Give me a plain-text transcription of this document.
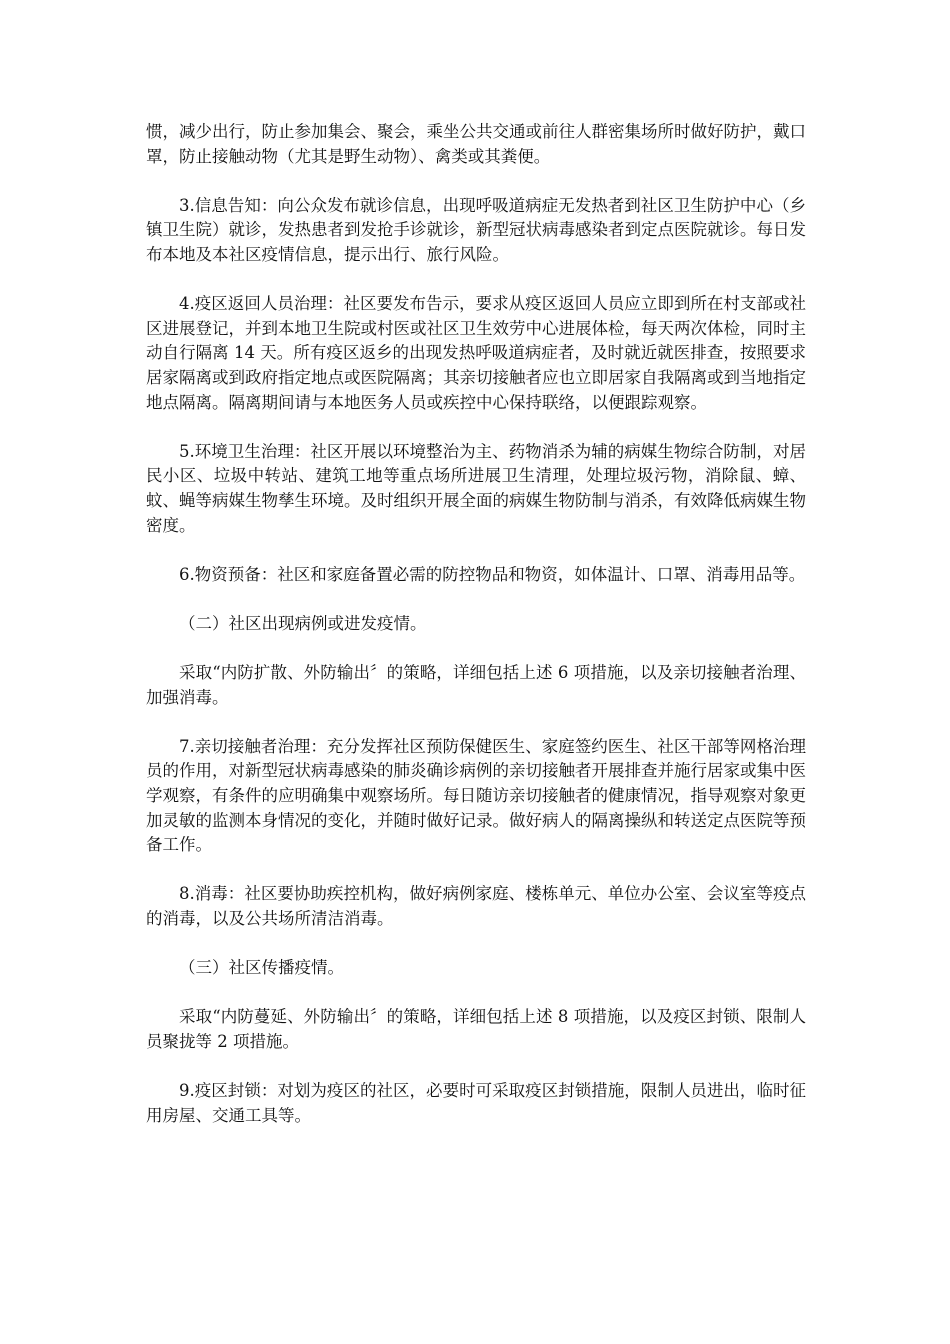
惯，减少出行，防止参加集会、聚会，乘坐公共交通或前往人群密集场所时做好防护，戴口罩，防止接触动物（尤其是野生动物）、禽类或其粪便。

3.信息告知：向公众发布就诊信息，出现呼吸道病症无发热者到社区卫生防护中心（乡镇卫生院）就诊，发热患者到发抢手诊就诊，新型冠状病毒感染者到定点医院就诊。每日发布本地及本社区疫情信息，提示出行、旅行风险。

4.疫区返回人员治理：社区要发布告示，要求从疫区返回人员应立即到所在村支部或社区进展登记，并到本地卫生院或村医或社区卫生效劳中心进展体检，每天两次体检，同时主动自行隔离 14 天。所有疫区返乡的出现发热呼吸道病症者，及时就近就医排查，按照要求居家隔离或到政府指定地点或医院隔离；其亲切接触者应也立即居家自我隔离或到当地指定地点隔离。隔离期间请与本地医务人员或疾控中心保持联络，以便跟踪观察。

5.环境卫生治理：社区开展以环境整治为主、药物消杀为辅的病媒生物综合防制，对居民小区、垃圾中转站、建筑工地等重点场所进展卫生清理，处理垃圾污物，消除鼠、蟑、蚊、蝇等病媒生物孳生环境。及时组织开展全面的病媒生物防制与消杀，有效降低病媒生物密度。

6.物资预备：社区和家庭备置必需的防控物品和物资，如体温计、口罩、消毒用品等。

（二）社区出现病例或进发疫情。

采取“内防扩散、外防输出〞的策略，详细包括上述 6 项措施，以及亲切接触者治理、加强消毒。

7.亲切接触者治理：充分发挥社区预防保健医生、家庭签约医生、社区干部等网格治理员的作用，对新型冠状病毒感染的肺炎确诊病例的亲切接触者开展排查并施行居家或集中医学观察，有条件的应明确集中观察场所。每日随访亲切接触者的健康情况，指导观察对象更加灵敏的监测本身情况的变化，并随时做好记录。做好病人的隔离操纵和转送定点医院等预备工作。

8.消毒：社区要协助疾控机构，做好病例家庭、楼栋单元、单位办公室、会议室等疫点的消毒，以及公共场所清洁消毒。

（三）社区传播疫情。

采取“内防蔓延、外防输出〞的策略，详细包括上述 8 项措施，以及疫区封锁、限制人员聚拢等 2 项措施。

9.疫区封锁：对划为疫区的社区，必要时可采取疫区封锁措施，限制人员进出，临时征用房屋、交通工具等。
